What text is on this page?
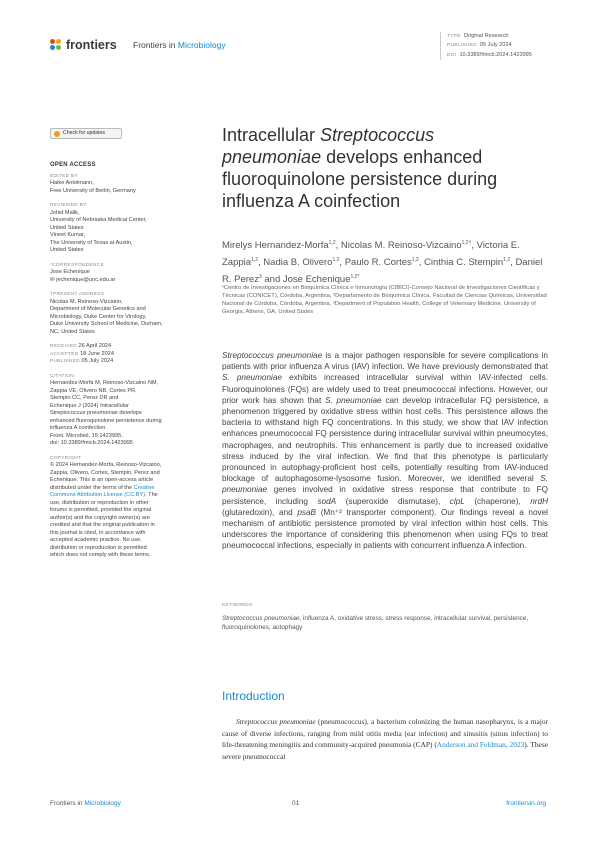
frontiers Frontiers in Microbiology
TYPE Original Research
PUBLISHED 05 July 2024
DOI 10.3389/fmicb.2024.1423995
Check for updates
OPEN ACCESS
EDITED BY
Haike Antelmann,
Free University of Berlin, Germany
REVIEWED BY
Johid Malik,
University of Nebraska Medical Center,
United States
Vineet Kumar,
The University of Texas at Austin,
United States
*CORRESPONDENCE
Jose Echenique
✉ jechenique@unc.edu.ar
†PRESENT ADDRESS
Nicolas M. Reinoso-Vizcaino,
Department of Molecular Genetics and
Microbiology, Duke Center for Virology,
Duke University School of Medicine, Durham,
NC, United States
RECEIVED 26 April 2024
ACCEPTED 18 June 2024
PUBLISHED 05 July 2024
CITATION
Hernandez-Morfa M, Reinoso-Vizcaino NM,
Zappia VE, Olivero NB, Cortes PR,
Stempin CC, Perez DR and
Echenique J (2024) Intracellular
Streptococcus pneumoniae develops
enhanced fluoroquinolone persistence during
influenza A coinfection.
Front. Microbiol. 15:1423995.
doi: 10.3389/fmicb.2024.1423995
COPYRIGHT
© 2024 Hernandez-Morfa, Reinoso-Vizcaino,
Zappia, Olivero, Cortes, Stempin, Perez and
Echenique. This is an open-access article
distributed under the terms of the Creative
Commons Attribution License (CC BY). The
use, distribution or reproduction in other
forums is permitted, provided the original
author(s) and the copyright owner(s) are
credited and that the original publication in
this journal is cited, in accordance with
accepted academic practice. No use,
distribution or reproduction is permitted
which does not comply with these terms.
Intracellular Streptococcus pneumoniae develops enhanced fluoroquinolone persistence during influenza A coinfection
Mirelys Hernandez-Morfa$^{1,2}$, Nicolas M. Reinoso-Vizcaino$^{1,2\dagger}$, Victoria E. Zappia$^{1,2}$, Nadia B. Olivero$^{1,2}$, Paulo R. Cortes$^{1,2}$, Cinthia C. Stempin$^{1,2}$, Daniel R. Perez$^3$ and Jose Echenique$^{1,2*}$
¹Centro de Investigaciones en Bioquímica Clínica e Inmunología (CIBICI)-Consejo Nacional de Investigaciones Científicas y Técnicas (CONICET), Córdoba, Argentina, ²Departamento de Bioquímica Clínica, Facultad de Ciencias Químicas, Universidad Nacional de Córdoba, Córdoba, Argentina, ³Department of Population Health, College of Veterinary Medicine, University of Georgia, Athens, GA, United States
Streptococcus pneumoniae is a major pathogen responsible for severe complications in patients with prior influenza A virus (IAV) infection. We have previously demonstrated that S. pneumoniae exhibits increased intracellular survival within IAV-infected cells. Fluoroquinolones (FQs) are widely used to treat pneumococcal infections. However, our prior work has shown that S. pneumoniae can develop intracellular FQ persistence, a phenomenon triggered by oxidative stress within host cells. This persistence allows the bacteria to withstand high FQ concentrations. In this study, we show that IAV infection enhances pneumococcal FQ persistence during intracellular survival within pneumocytes, macrophages, and neutrophils. This enhancement is partly due to increased oxidative stress induced by the viral infection. We find that this phenotype is particularly pronounced in autophagy-proficient host cells, potentially resulting from IAV-induced blockage of autophagosome-lysosome fusion. Moreover, we identified several S. pneumoniae genes involved in oxidative stress response that contribute to FQ persistence, including sodA (superoxide dismutase), clpL (chaperone), nrdH (glutaredoxin), and psaB (Mn⁺² transporter component). Our findings reveal a novel mechanism of antibiotic persistence promoted by viral infection within host cells. This underscores the importance of considering this phenomenon when using FQs to treat pneumococcal infections, especially in patients with concurrent influenza A infection.
KEYWORDS
Streptococcus pneumoniae, influenza A, oxidative stress, stress response, intracellular survival, persistence, fluoroquinolones, autophagy
Introduction
Streptococcus pneumoniae (pneumococcus), a bacterium colonizing the human nasopharynx, is a major cause of diverse infections, ranging from mild otitis media (ear infection) and sinusitis (sinus infection) to life-threatening meningitis and community-acquired pneumonia (CAP) (Anderson and Feldman, 2023). These severe pneumococcal
Frontiers in Microbiology	01	frontiersin.org
